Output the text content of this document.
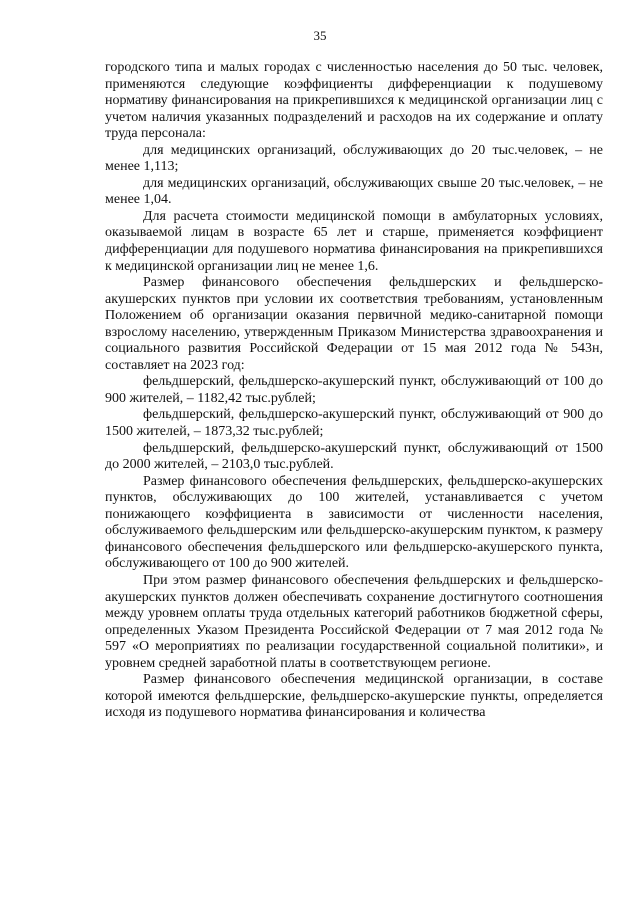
35

городского типа и малых городах с численностью населения до 50 тыс. человек, применяются следующие коэффициенты дифференциации к подушевому нормативу финансирования на прикрепившихся к медицинской организации лиц с учетом наличия указанных подразделений и расходов на их содержание и оплату труда персонала:

для медицинских организаций, обслуживающих до 20 тыс.человек, – не менее 1,113;

для медицинских организаций, обслуживающих свыше 20 тыс.человек, – не менее 1,04.

Для расчета стоимости медицинской помощи в амбулаторных условиях, оказываемой лицам в возрасте 65 лет и старше, применяется коэффициент дифференциации для подушевого норматива финансирования на прикрепившихся к медицинской организации лиц не менее 1,6.

Размер финансового обеспечения фельдшерских и фельдшерско-акушерских пунктов при условии их соответствия требованиям, установленным Положением об организации оказания первичной медико-санитарной помощи взрослому населению, утвержденным Приказом Министерства здравоохранения и социального развития Российской Федерации от 15 мая 2012 года № 543н, составляет на 2023 год:

фельдшерский, фельдшерско-акушерский пункт, обслуживающий от 100 до 900 жителей, – 1182,42 тыс.рублей;

фельдшерский, фельдшерско-акушерский пункт, обслуживающий от 900 до 1500 жителей, – 1873,32 тыс.рублей;

фельдшерский, фельдшерско-акушерский пункт, обслуживающий от 1500 до 2000 жителей, – 2103,0 тыс.рублей.

Размер финансового обеспечения фельдшерских, фельдшерско-акушерских пунктов, обслуживающих до 100 жителей, устанавливается с учетом понижающего коэффициента в зависимости от численности населения, обслуживаемого фельдшерским или фельдшерско-акушерским пунктом, к размеру финансового обеспечения фельдшерского или фельдшерско-акушерского пункта, обслуживающего от 100 до 900 жителей.

При этом размер финансового обеспечения фельдшерских и фельдшерско-акушерских пунктов должен обеспечивать сохранение достигнутого соотношения между уровнем оплаты труда отдельных категорий работников бюджетной сферы, определенных Указом Президента Российской Федерации от 7 мая 2012 года № 597 «О мероприятиях по реализации государственной социальной политики», и уровнем средней заработной платы в соответствующем регионе.

Размер финансового обеспечения медицинской организации, в составе которой имеются фельдшерские, фельдшерско-акушерские пункты, определяется исходя из подушевого норматива финансирования и количества
